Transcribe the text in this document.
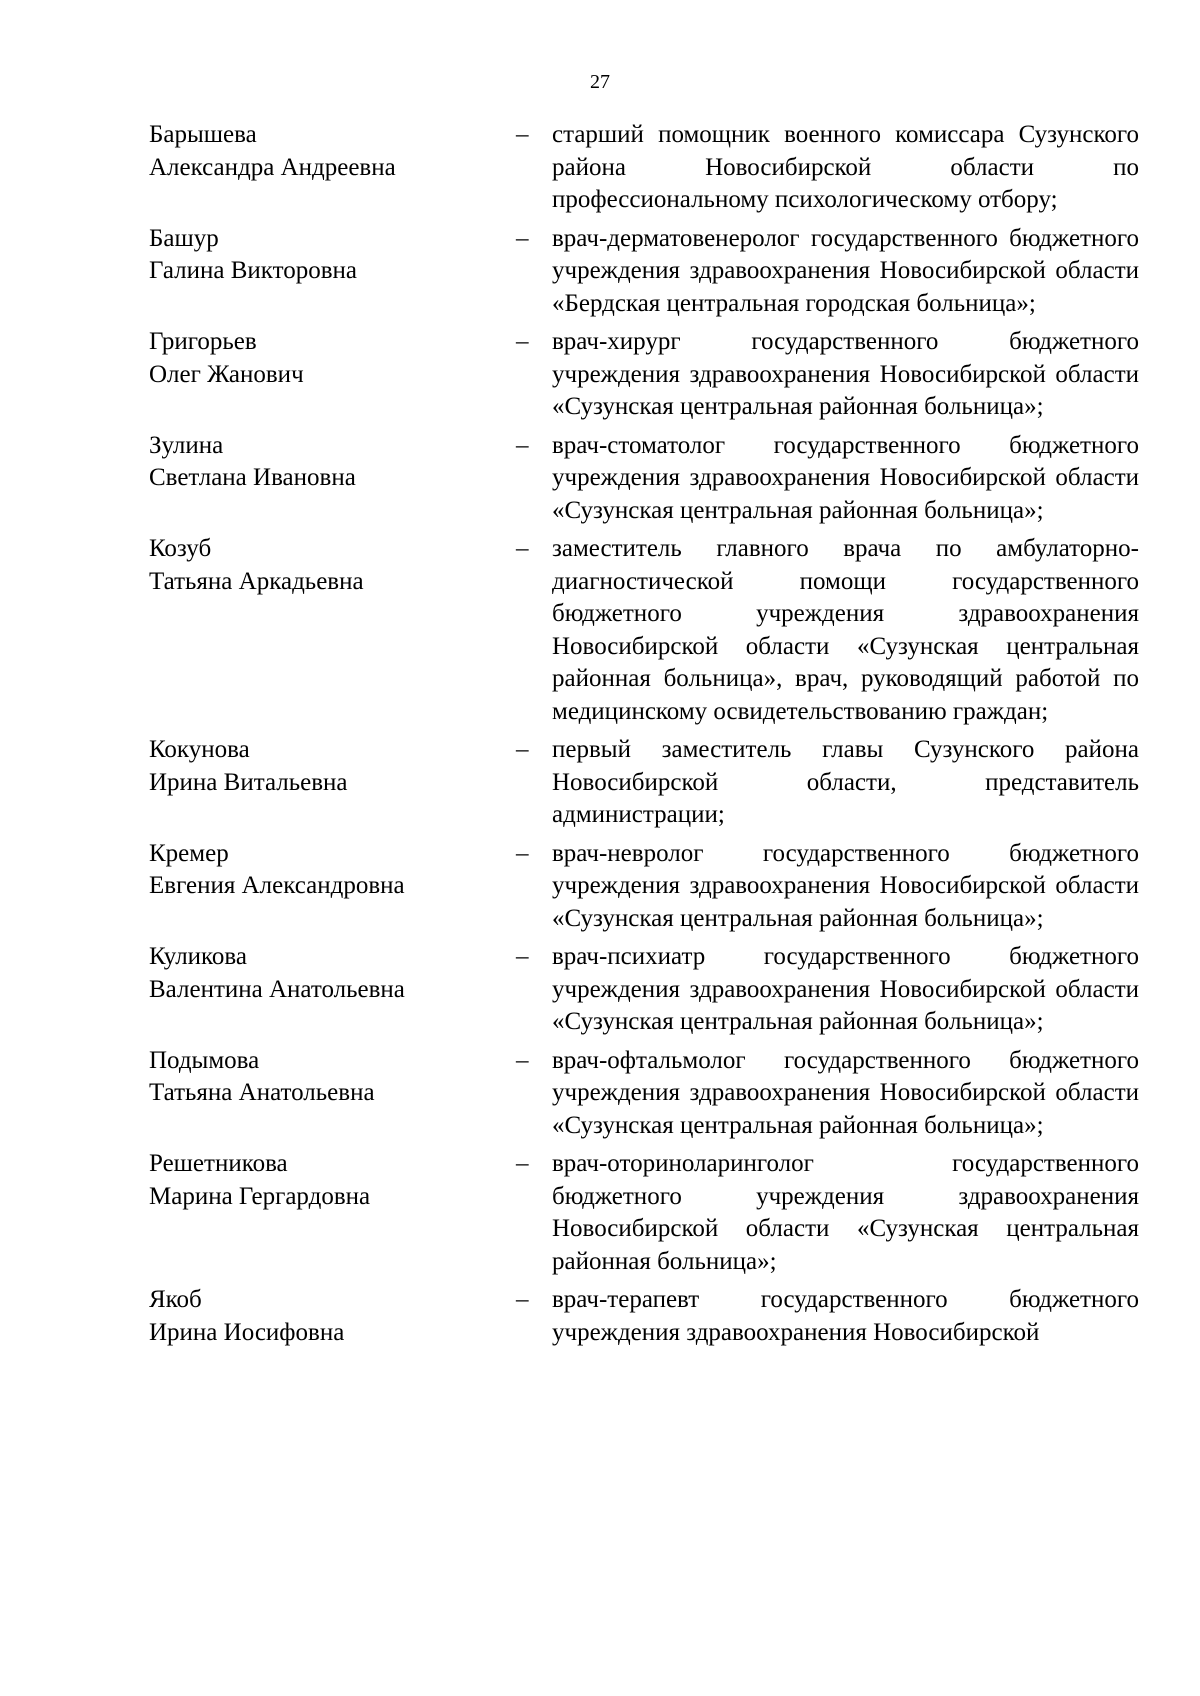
27
Барышева
Александра Андреевна
– старший помощник военного комиссара Сузунского района Новосибирской области по профессиональному психологическому отбору;
Башур
Галина Викторовна
– врач-дерматовенеролог государственного бюджетного учреждения здравоохранения Новосибирской области «Бердская центральная городская больница»;
Григорьев
Олег Жанович
– врач-хирург государственного бюджетного учреждения здравоохранения Новосибирской области «Сузунская центральная районная больница»;
Зулина
Светлана Ивановна
– врач-стоматолог государственного бюджетного учреждения здравоохранения Новосибирской области «Сузунская центральная районная больница»;
Козуб
Татьяна Аркадьевна
– заместитель главного врача по амбулаторно-диагностической помощи государственного бюджетного учреждения здравоохранения Новосибирской области «Сузунская центральная районная больница», врач, руководящий работой по медицинскому освидетельствованию граждан;
Кокунова
Ирина Витальевна
– первый заместитель главы Сузунского района Новосибирской области, представитель администрации;
Кремер
Евгения Александровна
– врач-невролог государственного бюджетного учреждения здравоохранения Новосибирской области «Сузунская центральная районная больница»;
Куликова
Валентина Анатольевна
– врач-психиатр государственного бюджетного учреждения здравоохранения Новосибирской области «Сузунская центральная районная больница»;
Подымова
Татьяна Анатольевна
– врач-офтальмолог государственного бюджетного учреждения здравоохранения Новосибирской области «Сузунская центральная районная больница»;
Решетникова
Марина Гергардовна
– врач-оториноларинголог государственного бюджетного учреждения здравоохранения Новосибирской области «Сузунская центральная районная больница»;
Якоб
Ирина Иосифовна
– врач-терапевт государственного бюджетного учреждения здравоохранения Новосибирской
